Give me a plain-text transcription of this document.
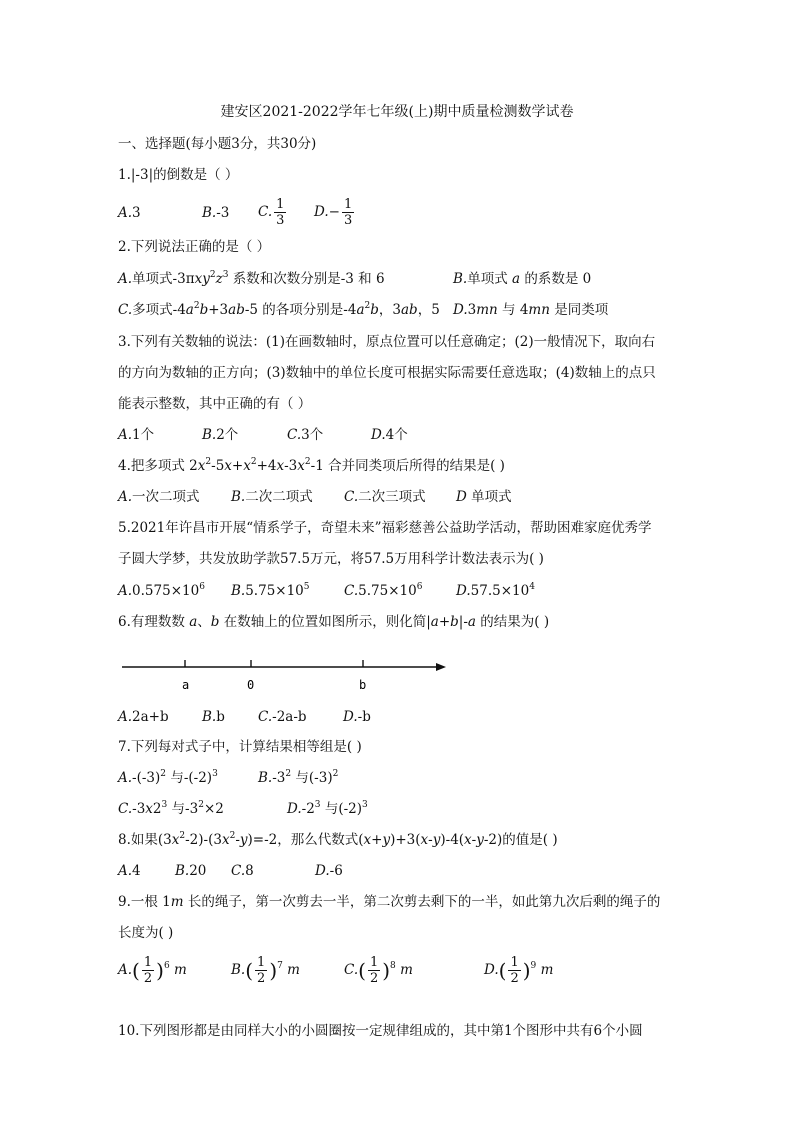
建安区2021-2022学年七年级(上)期中质量检测数学试卷
一、选择题(每小题3分，共30分)
1.|-3|的倒数是（ ）
A.3	B.-3 C. $\frac{1}{3} D.- \frac{1}{3}$
2.下列说法正确的是（ ）
A.单项式$-3\pi xy^2z^3$ 系数和次数分别是-3 和 6	B.单项式 a 的系数是 0
C.多项式$-4a^2b+3ab-5$ 的各项分别是$-4a^2b$，3ab，5 D.3mn 与 4mn 是同类项
3.下列有关数轴的说法：(1)在画数轴时，原点位置可以任意确定；(2)一般情况下，取向右
的方向为数轴的正方向；(3)数轴中的单位长度可根据实际需要任意选取；(4)数轴上的点只
能表示整数，其中正确的有（ ）
A.1个	B.2个	C.3个	D.4个
4.把多项式 $2x^2-5x+x^2+4x-3x^2-1$ 合并同类项后所得的结果是( )
A.一次二项式 B.二次二项式 C.二次三项式 D 单项式
5.2021年许昌市开展“情系学子，奇望未来”福彩慈善公益助学活动，帮助困难家庭优秀学
子圆大学梦，共发放助学款57.5万元，将57.5万用科学计数法表示为( )
$A.0.575\times 10^6$ $B.5.75\times 10^5$	$C.5.75\times 10^6$ $D.57.5\times 10^4$
6.有理数数 a、b 在数轴上的位置如图所示，则化简|a+b|-a 的结果为( )
a	0	b
A.2a+b B.b C.-2a-b	D.-b
7.下列每对式子中，计算结果相等组是( )
$A.-(-3)^2$ 与$-(-2)^3$	$B.-3^2$ 与$(-3)^2$
$C.-3x2^3$ 与$-3^2\times 2$	$D.-2^3$ 与$(-2)^3$
8.如果$(3x^2-2)-(3x^2-y)=-2$，那么代数式(x+y)+3(x-y)-4(x-y-2)的值是( )
A.4	B.20 C.8	D.-6
9.一根 1m 长的绳子，第一次剪去一半，第二次剪去剩下的一半，如此第九次后剩的绳子的
长度为( )
$A.( \frac{1}{2} )^6$ m	$B.( \frac{1}{2} )^7$ m	$C.( \frac{1}{2} )^8$ m	$D.( \frac{1}{2} )^9$ m
10.下列图形都是由同样大小的小圆圈按一定规律组成的，其中第1个图形中共有6个小圆
